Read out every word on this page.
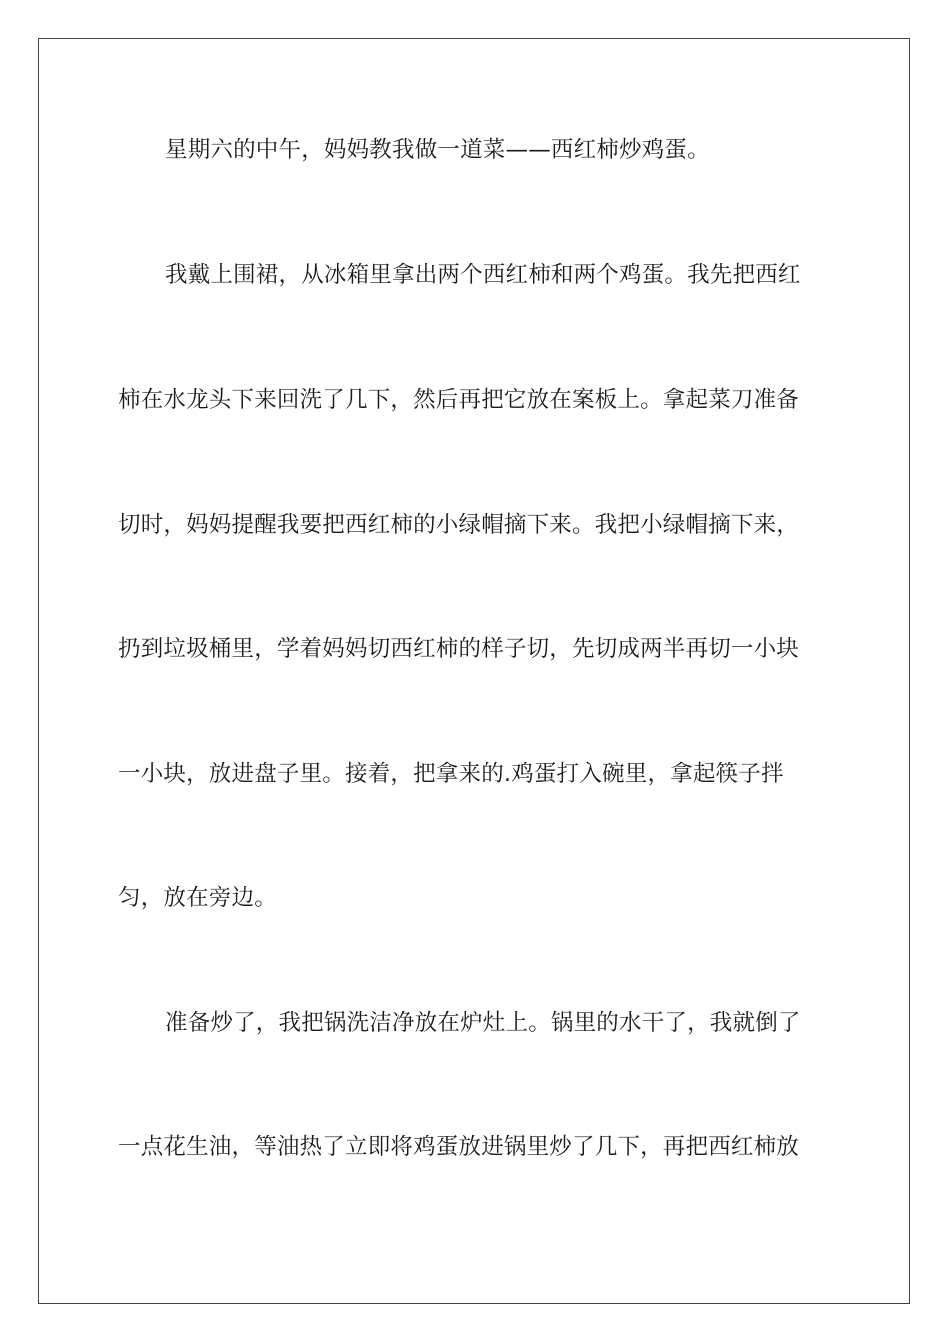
星期六的中午，妈妈教我做一道菜——西红柿炒鸡蛋。
我戴上围裙，从冰箱里拿出两个西红柿和两个鸡蛋。我先把西红
柿在水龙头下来回洗了几下，然后再把它放在案板上。拿起菜刀准备
切时，妈妈提醒我要把西红柿的小绿帽摘下来。我把小绿帽摘下来，
扔到垃圾桶里，学着妈妈切西红柿的样子切，先切成两半再切一小块
一小块，放进盘子里。接着，把拿来的.鸡蛋打入碗里，拿起筷子拌
匀，放在旁边。
准备炒了，我把锅洗洁净放在炉灶上。锅里的水干了，我就倒了
一点花生油，等油热了立即将鸡蛋放进锅里炒了几下，再把西红柿放
